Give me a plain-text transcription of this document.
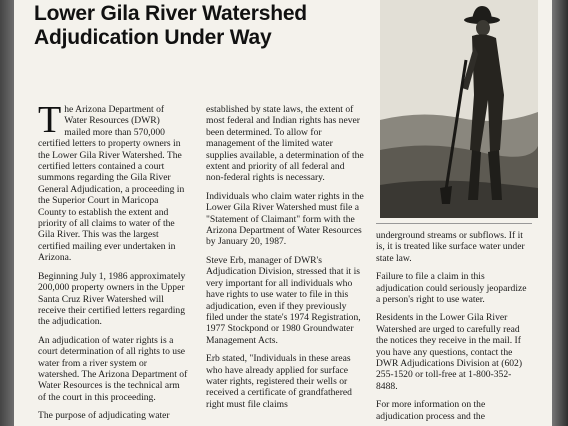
Lower Gila River Watershed
Adjudication Under Way

The Arizona Department of Water Resources (DWR) mailed more than 570,000 certified letters to property owners in the Lower Gila River Watershed. The certified letters contained a court summons regarding the Gila River General Adjudication, a proceeding in the Superior Court in Maricopa County to establish the extent and priority of all claims to water of the Gila River. This was the largest certified mailing ever undertaken in Arizona.

Beginning July 1, 1986 approximately 200,000 property owners in the Upper Santa Cruz River Watershed will receive their certified letters regarding the adjudication.

An adjudication of water rights is a court determination of all rights to use water from a river system or watershed. The Arizona Department of Water Resources is the technical arm of the court in this proceeding.

The purpose of adjudicating water

established by state laws, the extent of most federal and Indian rights has never been determined. To allow for management of the limited water supplies available, a determination of the extent and priority of all federal and non-federal rights is necessary.

Individuals who claim water rights in the Lower Gila River Watershed must file a "Statement of Claimant" form with the Arizona Department of Water Resources by January 20, 1987.

Steve Erb, manager of DWR's Adjudication Division, stressed that it is very important for all individuals who have rights to use water to file in this adjudication, even if they previously filed under the state's 1974 Registration, 1977 Stockpond or 1980 Groundwater Management Acts.

Erb stated, "Individuals in these areas who have already applied for surface water rights, registered their wells or received a certificate of grandfathered right must file claims

underground streams or subflows. If it is, it is treated like surface water under state law.

Failure to file a claim in this adjudication could seriously jeopardize a person's right to use water.

Residents in the Lower Gila River Watershed are urged to carefully read the notices they receive in the mail. If you have any questions, contact the DWR Adjudications Division at (602) 255-1520 or toll-free at 1-800-352-8488.

For more information on the adjudication process and the
